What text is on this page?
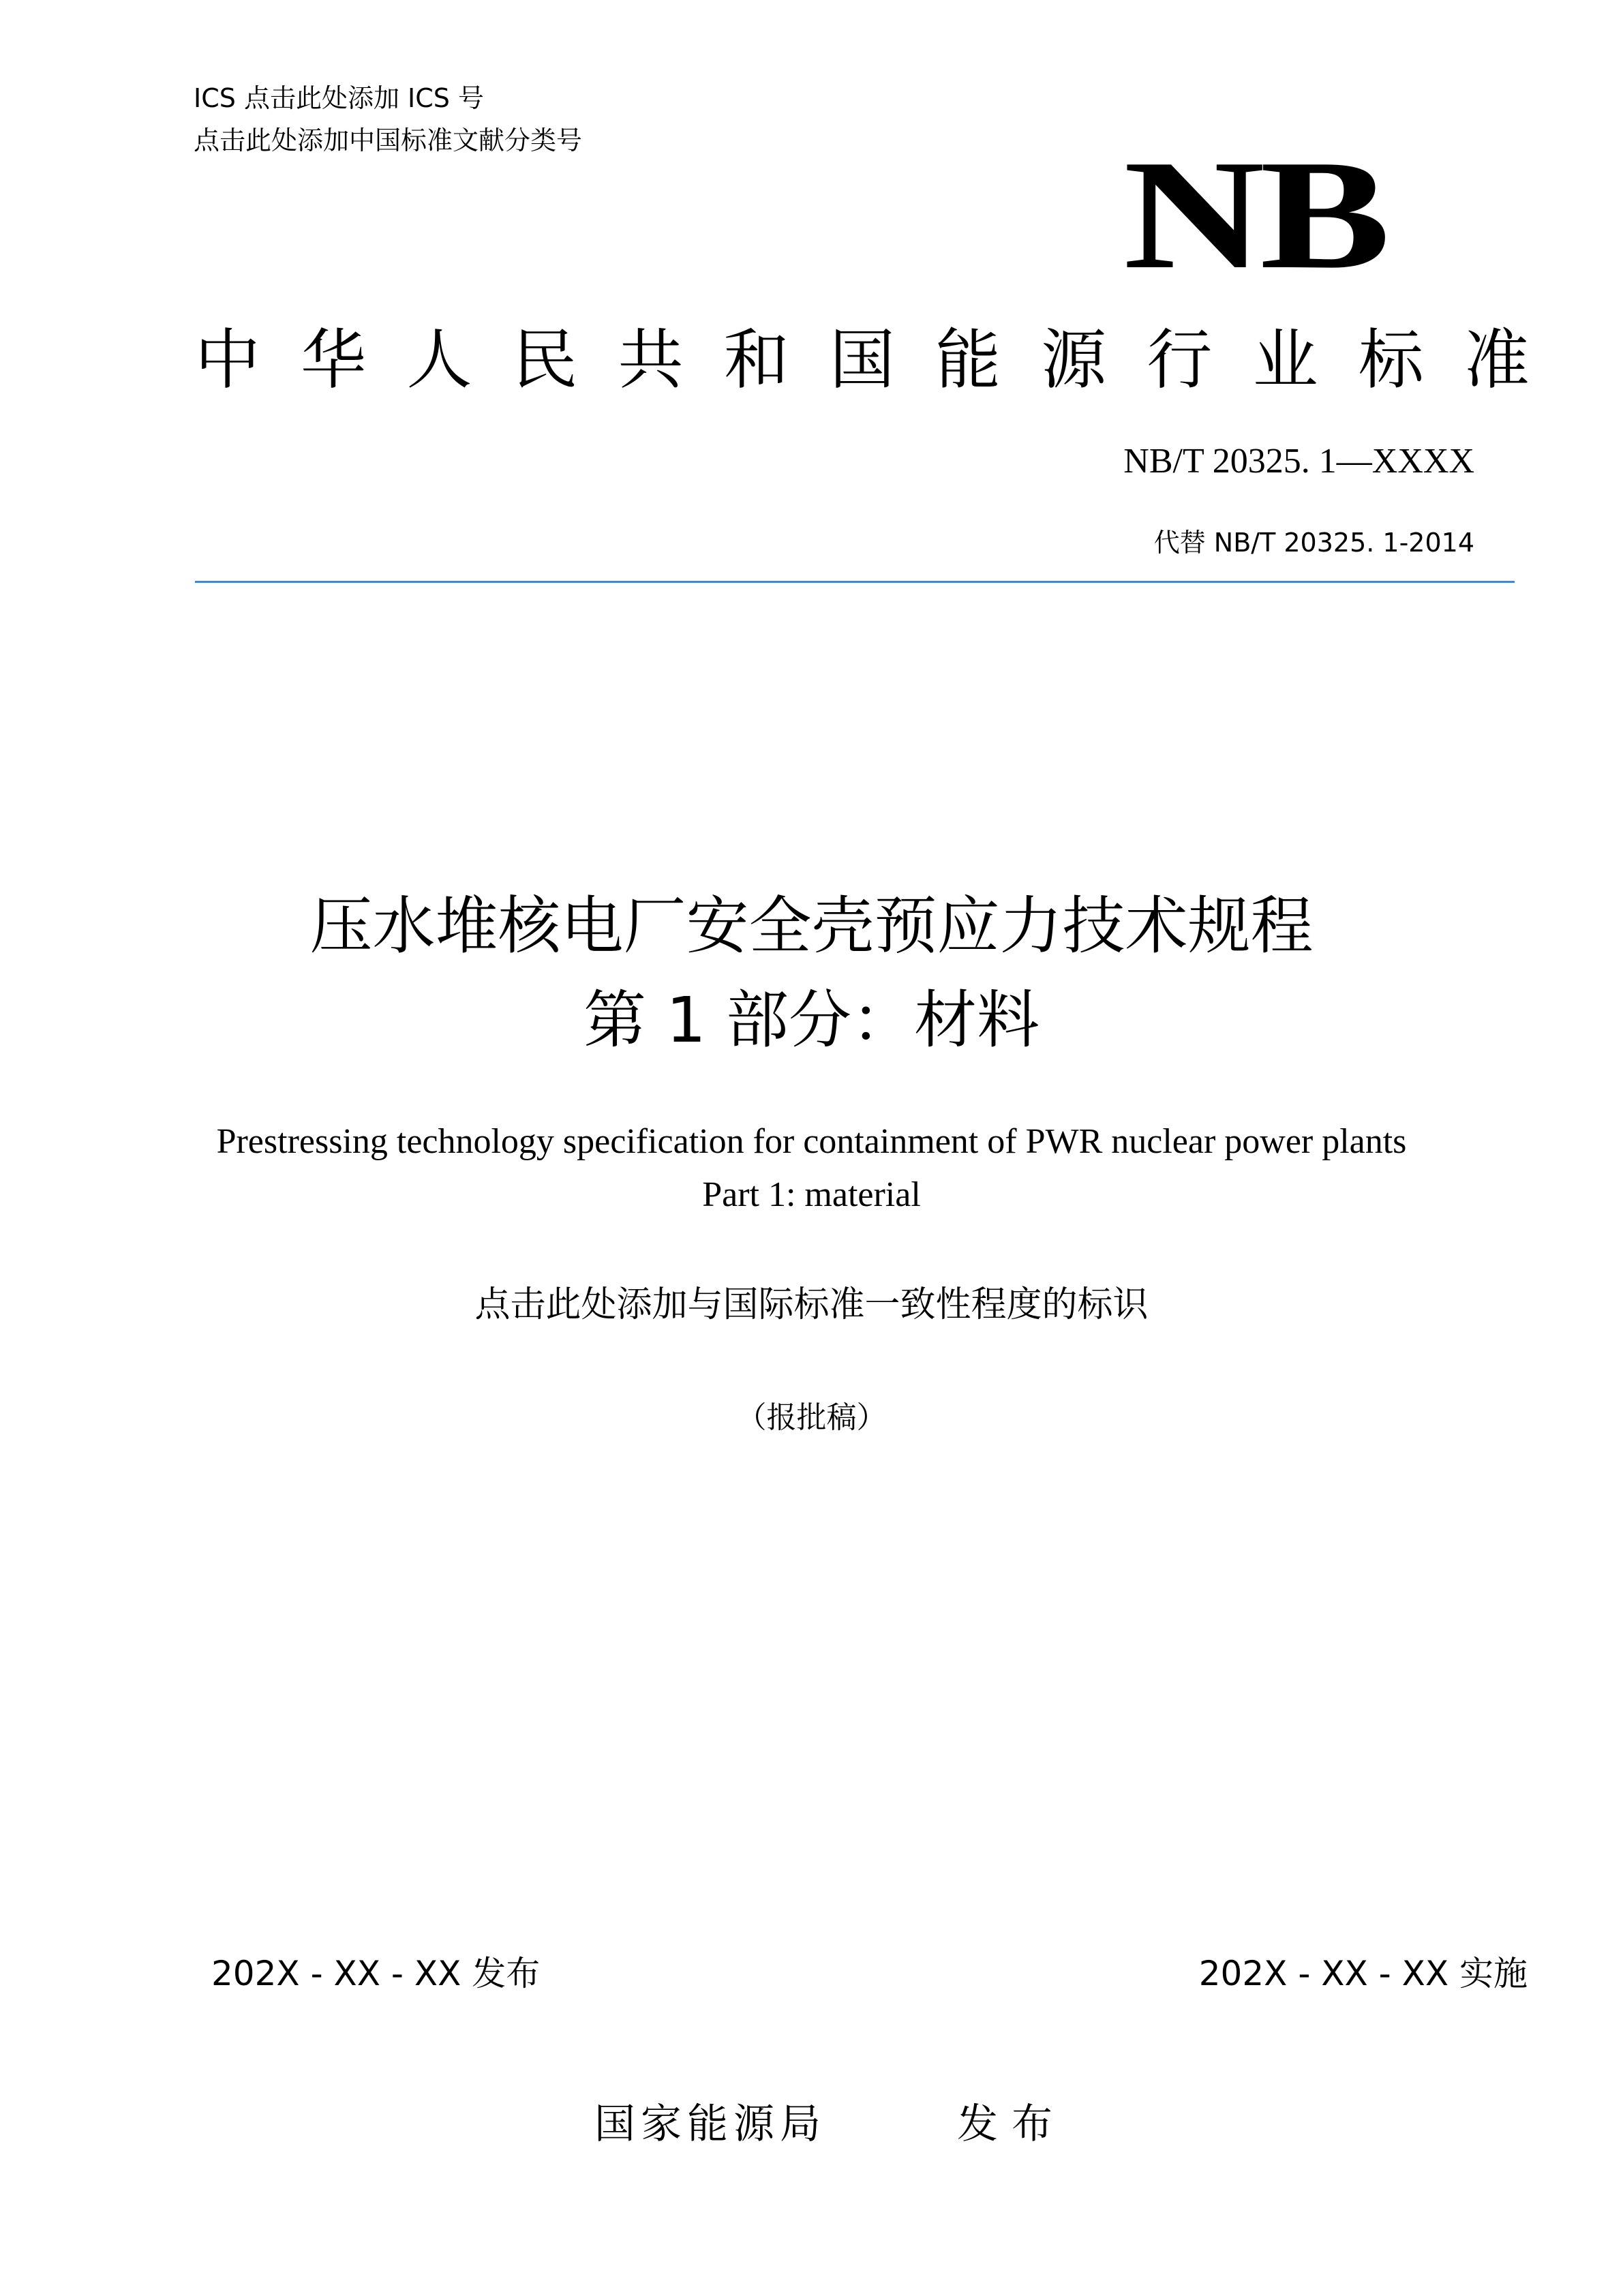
ICS 点击此处添加 ICS 号
点击此处添加中国标准文献分类号	NB
中 华 人 民 共 和 国 能 源 行 业 标 准
NB/T 20325. 1—XXXX
代替 NB/T 20325. 1-2014
压水堆核电厂安全壳预应力技术规程
第 1 部分：材料
Prestressing technology specification for containment of PWR nuclear power plants
Part 1: material
点击此处添加与国际标准一致性程度的标识
（报批稿）
202X - XX - XX 发布	202X - XX - XX 实施
国家能源局	发布
